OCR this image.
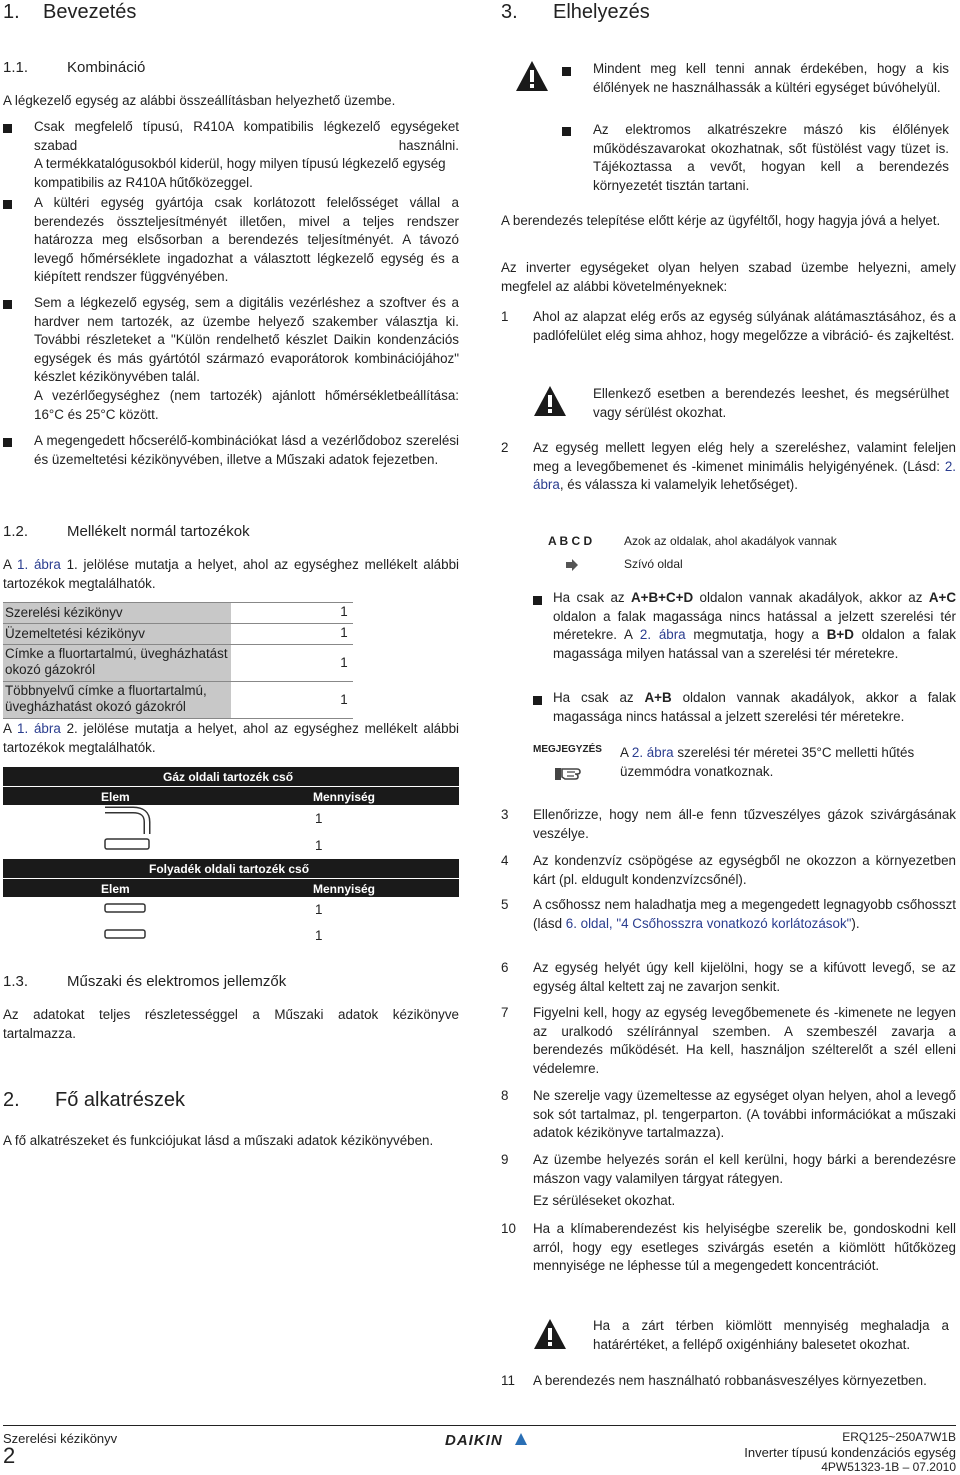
1. Bevezetés
1.1.	Kombináció
A légkezelő egység az alábbi összeállításban helyezhető üzembe.
Csak megfelelő típusú, R410A kompatibilis légkezelő egységeket szabad használni.
A termékkatalógusokból kiderül, hogy milyen típusú légkezelő egység kompatibilis az R410A hűtőközeggel.
A kültéri egység gyártója csak korlátozott felelősséget vállal a berendezés összteljesítményét illetően, mivel a teljes rendszer határozza meg elsősorban a berendezés teljesítményét. A távozó levegő hőmérséklete ingadozhat a választott légkezelő egység és a kiépített rendszer függvényében.
Sem a légkezelő egység, sem a digitális vezérléshez a szoftver és a hardver nem tartozék, az üzembe helyező szakember választja ki. További részleteket a "Külön rendelhető készlet Daikin kondenzációs egységek és más gyártótól származó evaporátorok kombinációjához" készlet kézikönyvében talál.
A vezérlőegységhez (nem tartozék) ajánlott hőmérsékletbeállítása: 16°C és 25°C között.
A megengedett hőcserélő-kombinációkat lásd a vezérlődoboz szerelési és üzemeltetési kézikönyvében, illetve a Műszaki adatok fejezetben.
1.2.	Mellékelt normál tartozékok
A 1. ábra 1. jelölése mutatja a helyet, ahol az egységhez mellékelt alábbi tartozékok megtalálhatók.
Szerelési kézikönyv	1
Üzemeltetési kézikönyv	1
Címke a fluortartalmú, üvegházhatást okozó gázokról	1
Többnyelvű címke a fluortartalmú, üvegházhatást okozó gázokról	1
A 1. ábra 2. jelölése mutatja a helyet, ahol az egységhez mellékelt alábbi tartozékok megtalálhatók.
Gáz oldali tartozék cső
Elem	Mennyiség
1
1
Folyadék oldali tartozék cső
Elem	Mennyiség
1
1
1.3.	Műszaki és elektromos jellemzők
Az adatokat teljes részletességgel a Műszaki adatok kézikönyve tartalmazza.
2. Fő alkatrészek
A fő alkatrészeket és funkciójukat lásd a műszaki adatok kézikönyvében.
3. Elhelyezés
Mindent meg kell tenni annak érdekében, hogy a kis élőlények ne használhassák a kültéri egységet búvóhelyül.
Az elektromos alkatrészekre mászó kis élőlények működészavarokat okozhatnak, sőt füstölést vagy tüzet is. Tájékoztassa a vevőt, hogyan kell a berendezés környezetét tisztán tartani.
A berendezés telepítése előtt kérje az ügyféltől, hogy hagyja jóvá a helyet.
Az inverter egységeket olyan helyen szabad üzembe helyezni, amely megfelel az alábbi követelményeknek:
1 Ahol az alapzat elég erős az egység súlyának alátámasztásához, és a padlófelület elég sima ahhoz, hogy megelőzze a vibráció- és zajkeltést.
Ellenkező esetben a berendezés leeshet, és megsérülhet vagy sérülést okozhat.
2 Az egység mellett legyen elég hely a szereléshez, valamint feleljen meg a levegőbemenet és -kimenet minimális helyigényének. (Lásd: 2. ábra, és válassza ki valamelyik lehetőséget).
A B C D	Azok az oldalak, ahol akadályok vannak
Szívó oldal
Ha csak az A+B+C+D oldalon vannak akadályok, akkor az A+C oldalon a falak magassága nincs hatással a jelzett szerelési tér méretekre. A 2. ábra megmutatja, hogy a B+D oldalon a falak magassága milyen hatással van a szerelési tér méretekre.
Ha csak az A+B oldalon vannak akadályok, akkor a falak magassága nincs hatással a jelzett szerelési tér méretekre.
MEGJEGYZÉS A 2. ábra szerelési tér méretei 35°C melletti hűtés üzemmódra vonatkoznak.
3 Ellenőrizze, hogy nem áll-e fenn tűzveszélyes gázok szivárgásának veszélye.
4 Az kondenzvíz csöpögése az egységből ne okozzon a környezetben kárt (pl. eldugult kondenzvízcsőnél).
5 A csőhossz nem haladhatja meg a megengedett legnagyobb csőhosszt (lásd 6. oldal, "4 Csőhosszra vonatkozó korlátozások").
6 Az egység helyét úgy kell kijelölni, hogy se a kifúvott levegő, se az egység által keltett zaj ne zavarjon senkit.
7 Figyelni kell, hogy az egység levegőbemenete és -kimenete ne legyen az uralkodó szélíránnyal szemben. A szembeszél zavarja a berendezés működését. Ha kell, használjon szélterelőt a szél elleni védelemre.
8 Ne szerelje vagy üzemeltesse az egységet olyan helyen, ahol a levegő sok sót tartalmaz, pl. tengerparton. (A további információkat a műszaki adatok kézikönyve tartalmazza).
9 Az üzembe helyezés során el kell kerülni, hogy bárki a berendezésre mászon vagy valamilyen tárgyat rátegyen.
Ez sérüléseket okozhat.
10 Ha a klímaberendezést kis helyiségbe szerelik be, gondoskodni kell arról, hogy egy esetleges szivárgás esetén a kiömlött hűtőközeg mennyisége ne léphesse túl a megengedett koncentrációt.
Ha a zárt térben kiömlött mennyiség meghaladja a határértéket, a fellépő oxigénhiány balesetet okozhat.
11 A berendezés nem használható robbanásveszélyes környezetben.
Szerelési kézikönyv
2
DAIKIN	ERQ125~250A7W1B
Inverter típusú kondenzációs egység
4PW51323-1B – 07.2010
